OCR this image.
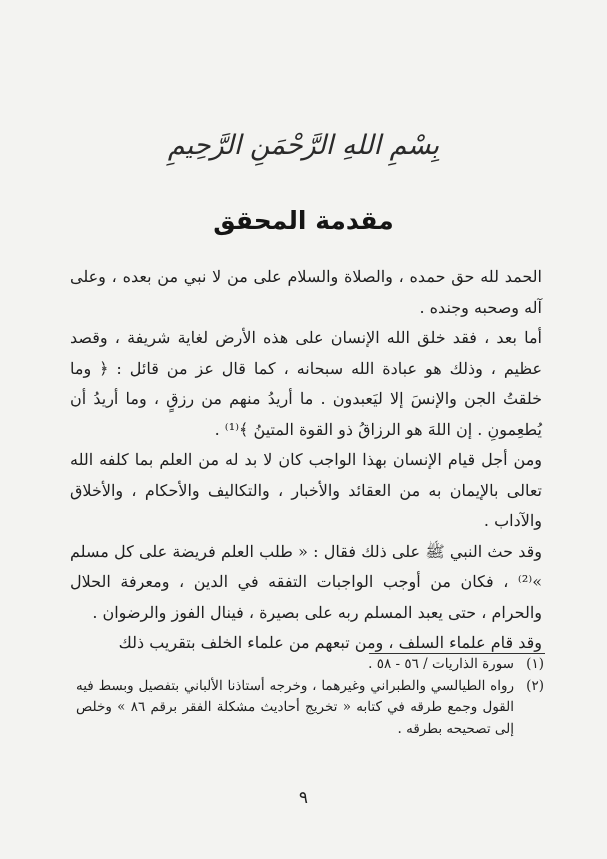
بِسْمِ اللهِ الرَّحْمَنِ الرَّحِيمِ
مقدمة المحقق

الحمد لله حق حمده ، والصلاة والسلام على من لا نبي من بعده ، وعلى آله وصحبه وجنده .

أما بعد ، فقد خلق الله الإنسان على هذه الأرض لغاية شريفة ، وقصد عظيم ، وذلك هو عبادة الله سبحانه ، كما قال عز من قائل : ﴿ وما خلقتُ الجن والإنسَ إلا ليَعبدون . ما أريدُ منهم من رزقٍ ، وما أريدُ أن يُطعِمونِ . إن اللهَ هو الرزاقُ ذو القوة المتينُ ﴾⁽¹⁾ .

ومن أجل قيام الإنسان بهذا الواجب كان لا بد له من العلم بما كلفه الله تعالى بالإيمان به من العقائد والأخبار ، والتكاليف والأحكام ، والأخلاق والآداب .

وقد حث النبي ﷺ على ذلك فقال : « طلب العلم فريضة على كل مسلم »⁽²⁾ ، فكان من أوجب الواجبات التفقه في الدين ، ومعرفة الحلال والحرام ، حتى يعبد المسلم ربه على بصيرة ، فينال الفوز والرضوان .

وقد قام علماء السلف ، ومن تبعهم من علماء الخلف بتقريب ذلك

(١)
سورة الذاريات / ٥٦ - ٥٨ .
(٢)
رواه الطيالسي والطبراني وغيرهما ، وخرجه أستاذنا الألباني بتفصيل وبسط فيه القول وجمع طرقه في كتابه « تخريج أحاديث مشكلة الفقر برقم ٨٦ » وخلص إلى تصحيحه بطرقه .
٩
